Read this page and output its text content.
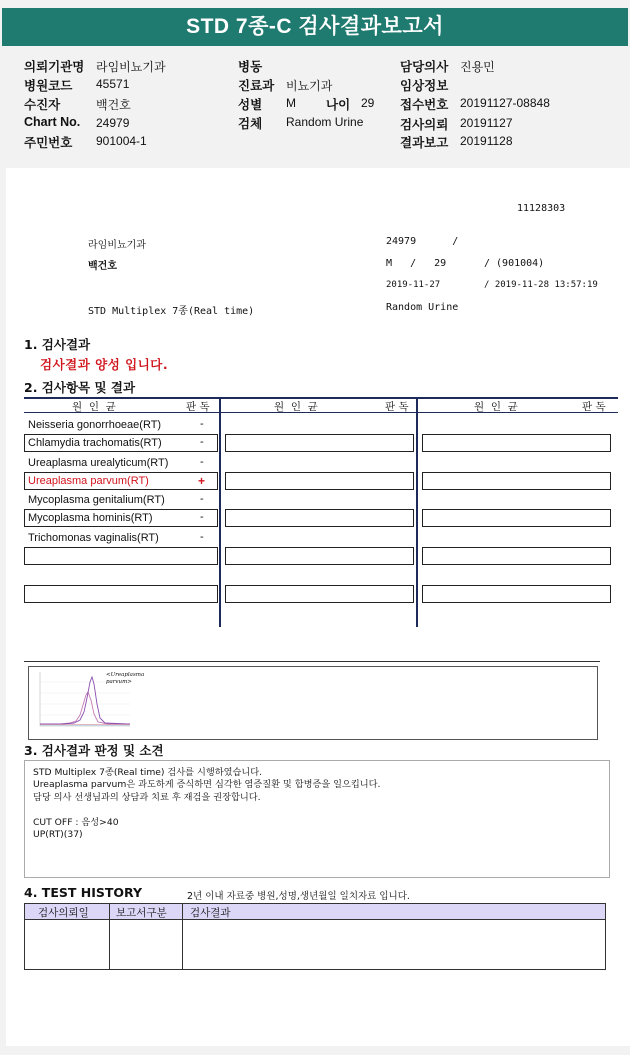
STD 7종-C 검사결과보고서
의뢰기관명 라임비뇨기과
병원코드 45571
수진자	백건호
Chart No. 24979
주민번호 901004-1
병동
진료과 비뇨기과
성별 M 나이 29
검체 Random Urine
담당의사 진용민
임상정보
접수번호 20191127-08848
검사의뢰 20191127
결과보고 20191128
11128303
라임비뇨기과	24979      /
백건호	M   /   29	/ (901004)
2019-11-27	/ 2019-11-28 13:57:19
STD Multiplex 7종(Real time)	Random Urine
1. 검사결과
검사결과 양성 입니다.
2. 검사항목 및 결과
원  인  균	판 독	원  인  균	판 독	원  인  균	판 독
Neisseria gonorrhoeae(RT)	-
Chlamydia trachomatis(RT)	-
Ureaplasma urealyticum(RT)	-
Ureaplasma parvum(RT)	+
Mycoplasma genitalium(RT)	-
Mycoplasma hominis(RT)	-
Trichomonas vaginalis(RT)	-
<Ureaplasma
parvum>
3. 검사결과 판정 및 소견
STD Multiplex 7종(Real time) 검사를 시행하였습니다.
Ureaplasma parvum은 과도하게 증식하면 심각한 염증질환 및 합병증을 일으킵니다.
담당 의사 선생님과의 상담과 치료 후 재검을 권장합니다.
CUT OFF : 음성>40
UP(RT)(37)
4. TEST HISTORY	2년 이내 자료중 병원,성명,생년월일 일치자료 입니다.
검사의뢰일	보고서구분 검사결과
